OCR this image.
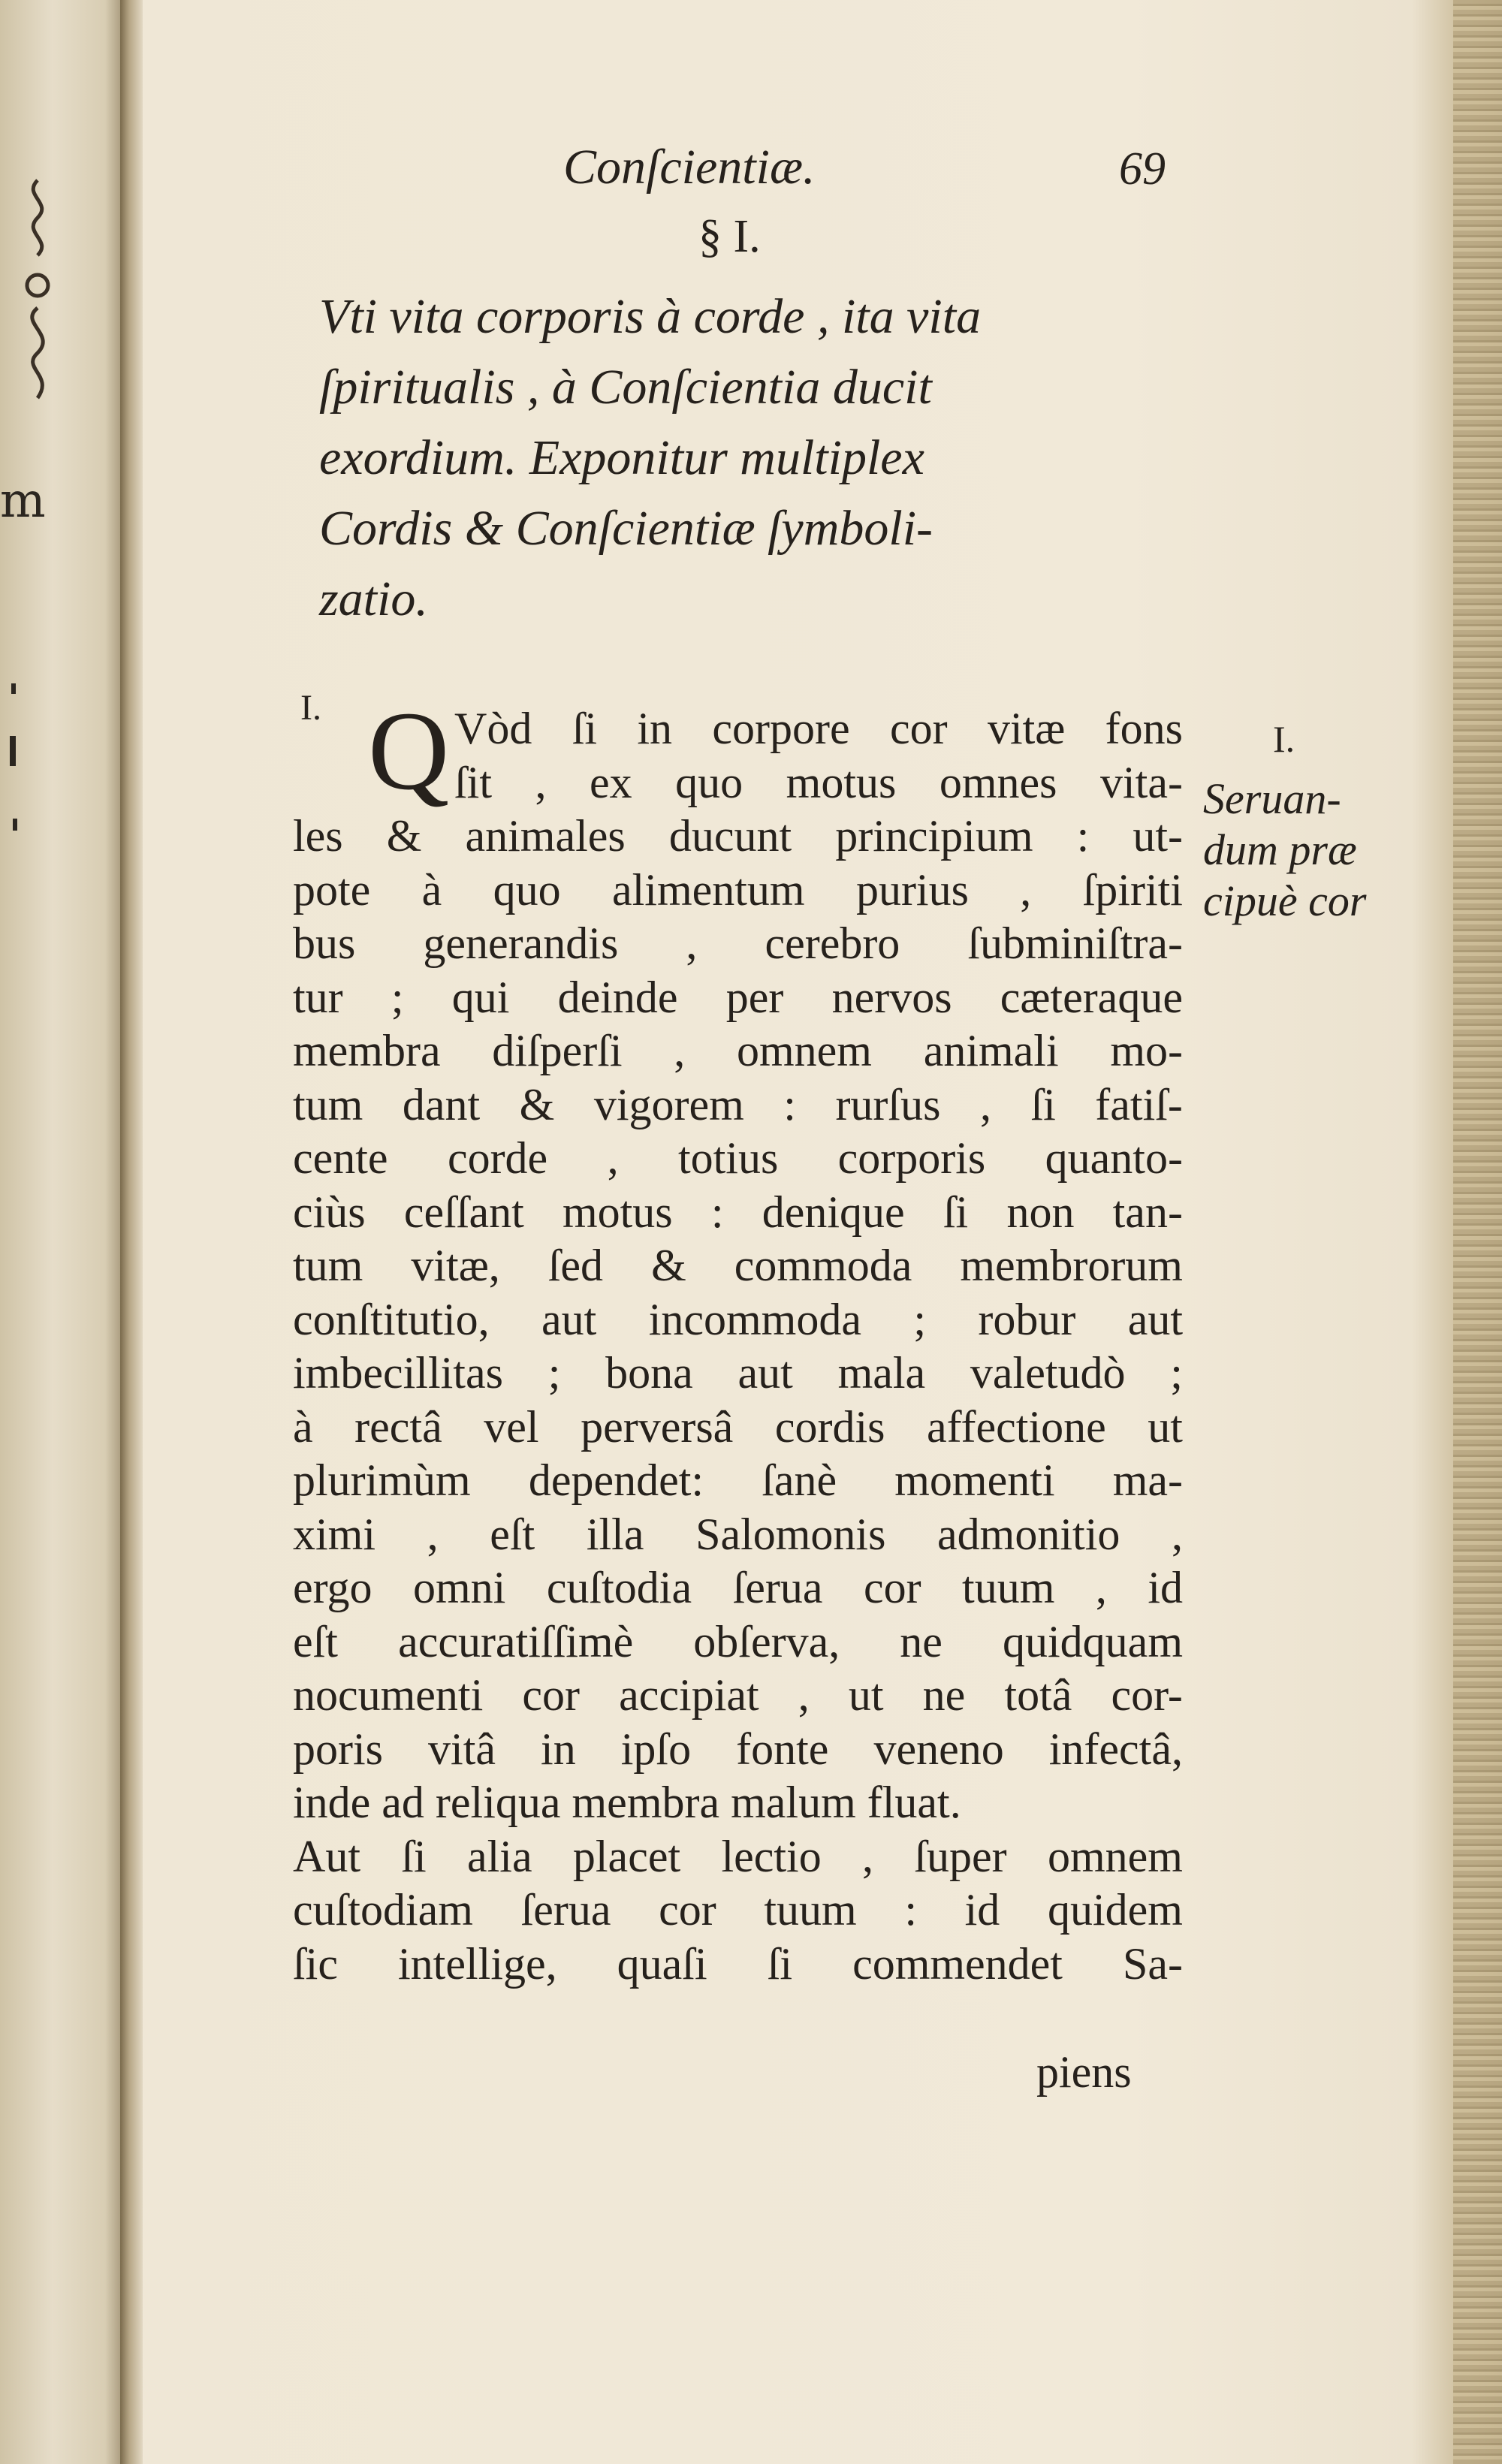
m
Conſcientiæ.	69
§ I.
Vti vita corporis à corde , ita vita
ſpiritualis , à Conſcientia ducit
exordium. Exponitur multiplex
Cordis & Conſcientiæ ſymboli-
zatio.
I. Q Vòd ſi in corpore cor vitæ fons
ſit , ex quo motus omnes vita-
les & animales ducunt principium : ut-
pote à quo alimentum purius , ſpiriti
bus generandis , cerebro ſubminiſtra-
tur ; qui deinde per nervos cæteraque
membra diſperſi , omnem animali mo-
tum dant & vigorem : rurſus , ſi fatiſ-
cente corde , totius corporis quanto-
ciùs ceſſant motus : denique ſi non tan-
tum vitæ, ſed & commoda membrorum
conſtitutio, aut incommoda ; robur aut
imbecillitas ; bona aut mala valetudò ;
à rectâ vel perversâ cordis affectione ut
plurimùm dependet: ſanè momenti ma-
ximi , eſt illa Salomonis admonitio ,
ergo omni cuſtodia ſerua cor tuum , id
eſt accuratiſſimè obſerva, ne quidquam
nocumenti cor accipiat , ut ne totâ cor-
poris vitâ in ipſo fonte veneno infectâ,
inde ad reliqua membra malum fluat.
Aut ſi alia placet lectio , ſuper omnem
cuſtodiam ſerua cor tuum : id quidem
ſic intellige, quaſi ſi commendet Sa-
I.
Seruan-
dum præ
cipuè cor
piens
